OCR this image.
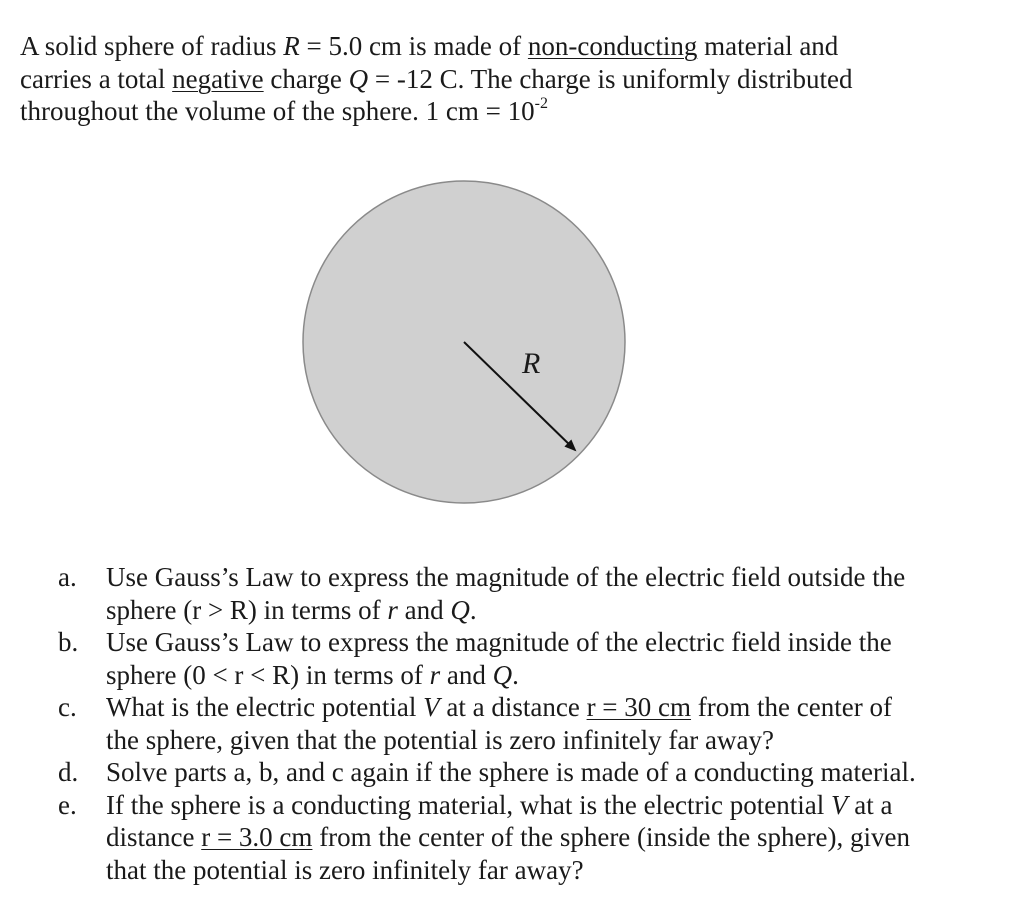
A solid sphere of radius R = 5.0 cm is made of non-conducting material and
carries a total negative charge Q = -12 C. The charge is uniformly distributed
throughout the volume of the sphere. 1 cm = $10^{-2}$
R
a.	Use Gauss’s Law to express the magnitude of the electric field outside the
sphere (r > R) in terms of r and Q.
b.	Use Gauss’s Law to express the magnitude of the electric field inside the
sphere (0 < r < R) in terms of r and Q.
c.	What is the electric potential V at a distance r = 30 cm from the center of
the sphere, given that the potential is zero infinitely far away?
d.	Solve parts a, b, and c again if the sphere is made of a conducting material.
e.	If the sphere is a conducting material, what is the electric potential V at a
distance r = 3.0 cm from the center of the sphere (inside the sphere), given
that the potential is zero infinitely far away?
